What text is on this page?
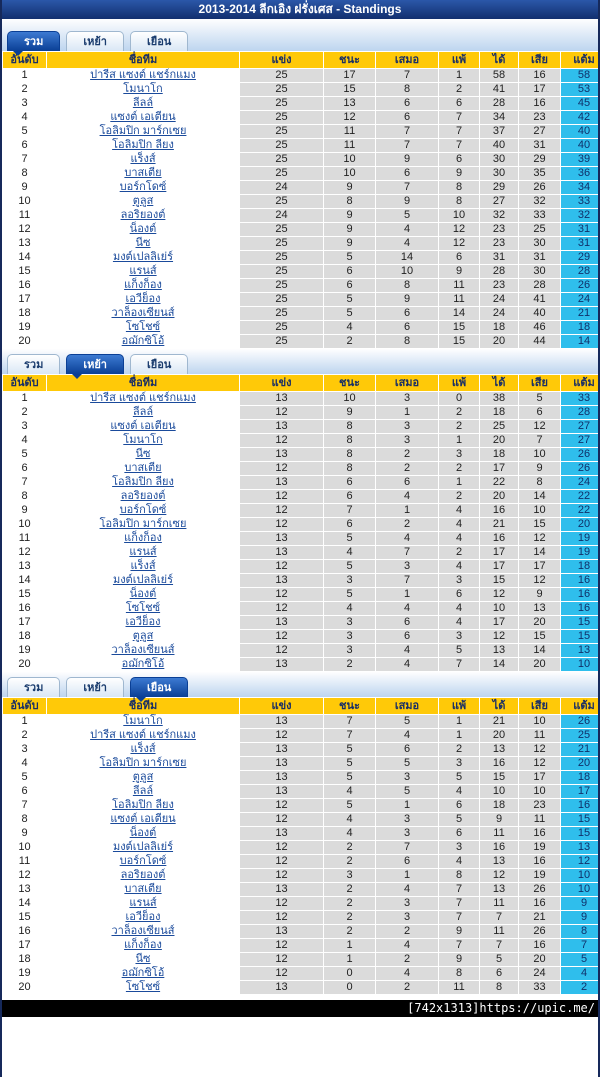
2013-2014 ลีกเอิง ฝรั่งเศส - Standings
รวม	เหย้า	เยือน
อันดับ	ชื่อทีม	แข่ง	ชนะ	เสมอ	แพ้	ได้	เสีย	แต้ม
1	ปารีส แซงต์ แชร์กแมง	25	17	7	1	58	16	58
2	โมนาโก	25	15	8	2	41	17	53
3	ลีลล์	25	13	6	6	28	16	45
4	แซงต์ เอเตียน	25	12	6	7	34	23	42
5	โอลิมปิก มาร์กเซย	25	11	7	7	37	27	40
6	โอลิมปิก ลียง	25	11	7	7	40	31	40
7	แร็งส์	25	10	9	6	30	29	39
8	บาสเตีย	25	10	6	9	30	35	36
9	บอร์กโดซ์	24	9	7	8	29	26	34
10	ตูลูส	25	8	9	8	27	32	33
11	ลอริยองต์	24	9	5	10	32	33	32
12	น็องต์	25	9	4	12	23	25	31
13	นีซ	25	9	4	12	23	30	31
14	มงต์เปลลิเย่ร์	25	5	14	6	31	31	29
15	แรนส์	25	6	10	9	28	30	28
16	แก็งก็อง	25	6	8	11	23	28	26
17	เอวีย็อง	25	5	9	11	24	41	24
18	วาล็องเซียนส์	25	5	6	14	24	40	21
19	โซโชซ์	25	4	6	15	18	46	18
20	อฌักซิโอ้	25	2	8	15	20	44	14
รวม	เหย้า	เยือน
อันดับ	ชื่อทีม	แข่ง	ชนะ	เสมอ	แพ้	ได้	เสีย	แต้ม
1	ปารีส แซงต์ แชร์กแมง	13	10	3	0	38	5	33
2	ลีลล์	12	9	1	2	18	6	28
3	แซงต์ เอเตียน	13	8	3	2	25	12	27
4	โมนาโก	12	8	3	1	20	7	27
5	นีซ	13	8	2	3	18	10	26
6	บาสเตีย	12	8	2	2	17	9	26
7	โอลิมปิก ลียง	13	6	6	1	22	8	24
8	ลอริยองต์	12	6	4	2	20	14	22
9	บอร์กโดซ์	12	7	1	4	16	10	22
10	โอลิมปิก มาร์กเซย	12	6	2	4	21	15	20
11	แก็งก็อง	13	5	4	4	16	12	19
12	แรนส์	13	4	7	2	17	14	19
13	แร็งส์	12	5	3	4	17	17	18
14	มงต์เปลลิเย่ร์	13	3	7	3	15	12	16
15	น็องต์	12	5	1	6	12	9	16
16	โซโชซ์	12	4	4	4	10	13	16
17	เอวีย็อง	13	3	6	4	17	20	15
18	ตูลูส	12	3	6	3	12	15	15
19	วาล็องเซียนส์	12	3	4	5	13	14	13
20	อฌักซิโอ้	13	2	4	7	14	20	10
รวม	เหย้า	เยือน
อันดับ	ชื่อทีม	แข่ง	ชนะ	เสมอ	แพ้	ได้	เสีย	แต้ม
1	โมนาโก	13	7	5	1	21	10	26
2	ปารีส แซงต์ แชร์กแมง	12	7	4	1	20	11	25
3	แร็งส์	13	5	6	2	13	12	21
4	โอลิมปิก มาร์กเซย	13	5	5	3	16	12	20
5	ตูลูส	13	5	3	5	15	17	18
6	ลีลล์	13	4	5	4	10	10	17
7	โอลิมปิก ลียง	12	5	1	6	18	23	16
8	แซงต์ เอเตียน	12	4	3	5	9	11	15
9	น็องต์	13	4	3	6	11	16	15
10	มงต์เปลลิเย่ร์	12	2	7	3	16	19	13
11	บอร์กโดซ์	12	2	6	4	13	16	12
12	ลอริยองต์	12	3	1	8	12	19	10
13	บาสเตีย	13	2	4	7	13	26	10
14	แรนส์	12	2	3	7	11	16	9
15	เอวีย็อง	12	2	3	7	7	21	9
16	วาล็องเซียนส์	13	2	2	9	11	26	8
17	แก็งก็อง	12	1	4	7	7	16	7
18	นีซ	12	1	2	9	5	20	5
19	อฌักซิโอ้	12	0	4	8	6	24	4
20	โซโชซ์	13	0	2	11	8	33	2
[742x1313]https://upic.me/
